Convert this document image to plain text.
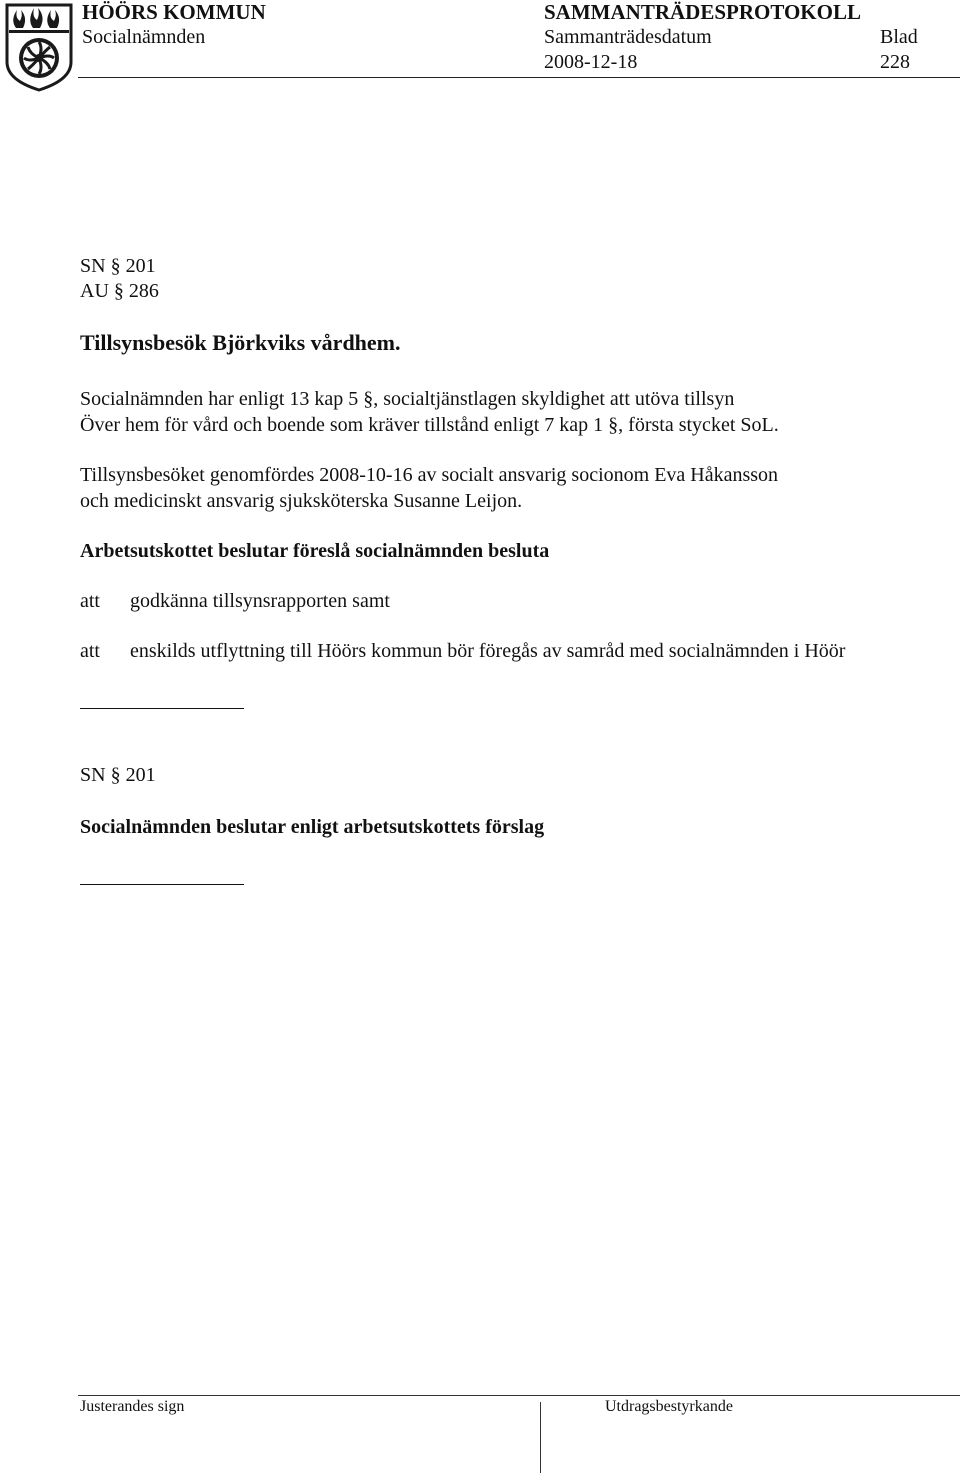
HÖÖRS KOMMUN	SAMMANTRÄDESPROTOKOLL
Socialnämnden	Sammanträdesdatum	Blad
2008-12-18	228
SN § 201
AU § 286
Tillsynsbesök Björkviks vårdhem.
Socialnämnden har enligt 13 kap 5 §, socialtjänstlagen skyldighet att utöva tillsyn
Över hem för vård och boende som kräver tillstånd enligt 7 kap 1 §, första stycket SoL.
Tillsynsbesöket genomfördes 2008-10-16 av socialt ansvarig socionom Eva Håkansson
och medicinskt ansvarig sjuksköterska Susanne Leijon.
Arbetsutskottet beslutar föreslå socialnämnden besluta
att godkänna tillsynsrapporten samt
att enskilds utflyttning till Höörs kommun bör föregås av samråd med socialnämnden i Höör
SN § 201
Socialnämnden beslutar enligt arbetsutskottets förslag
Justerandes sign	Utdragsbestyrkande
